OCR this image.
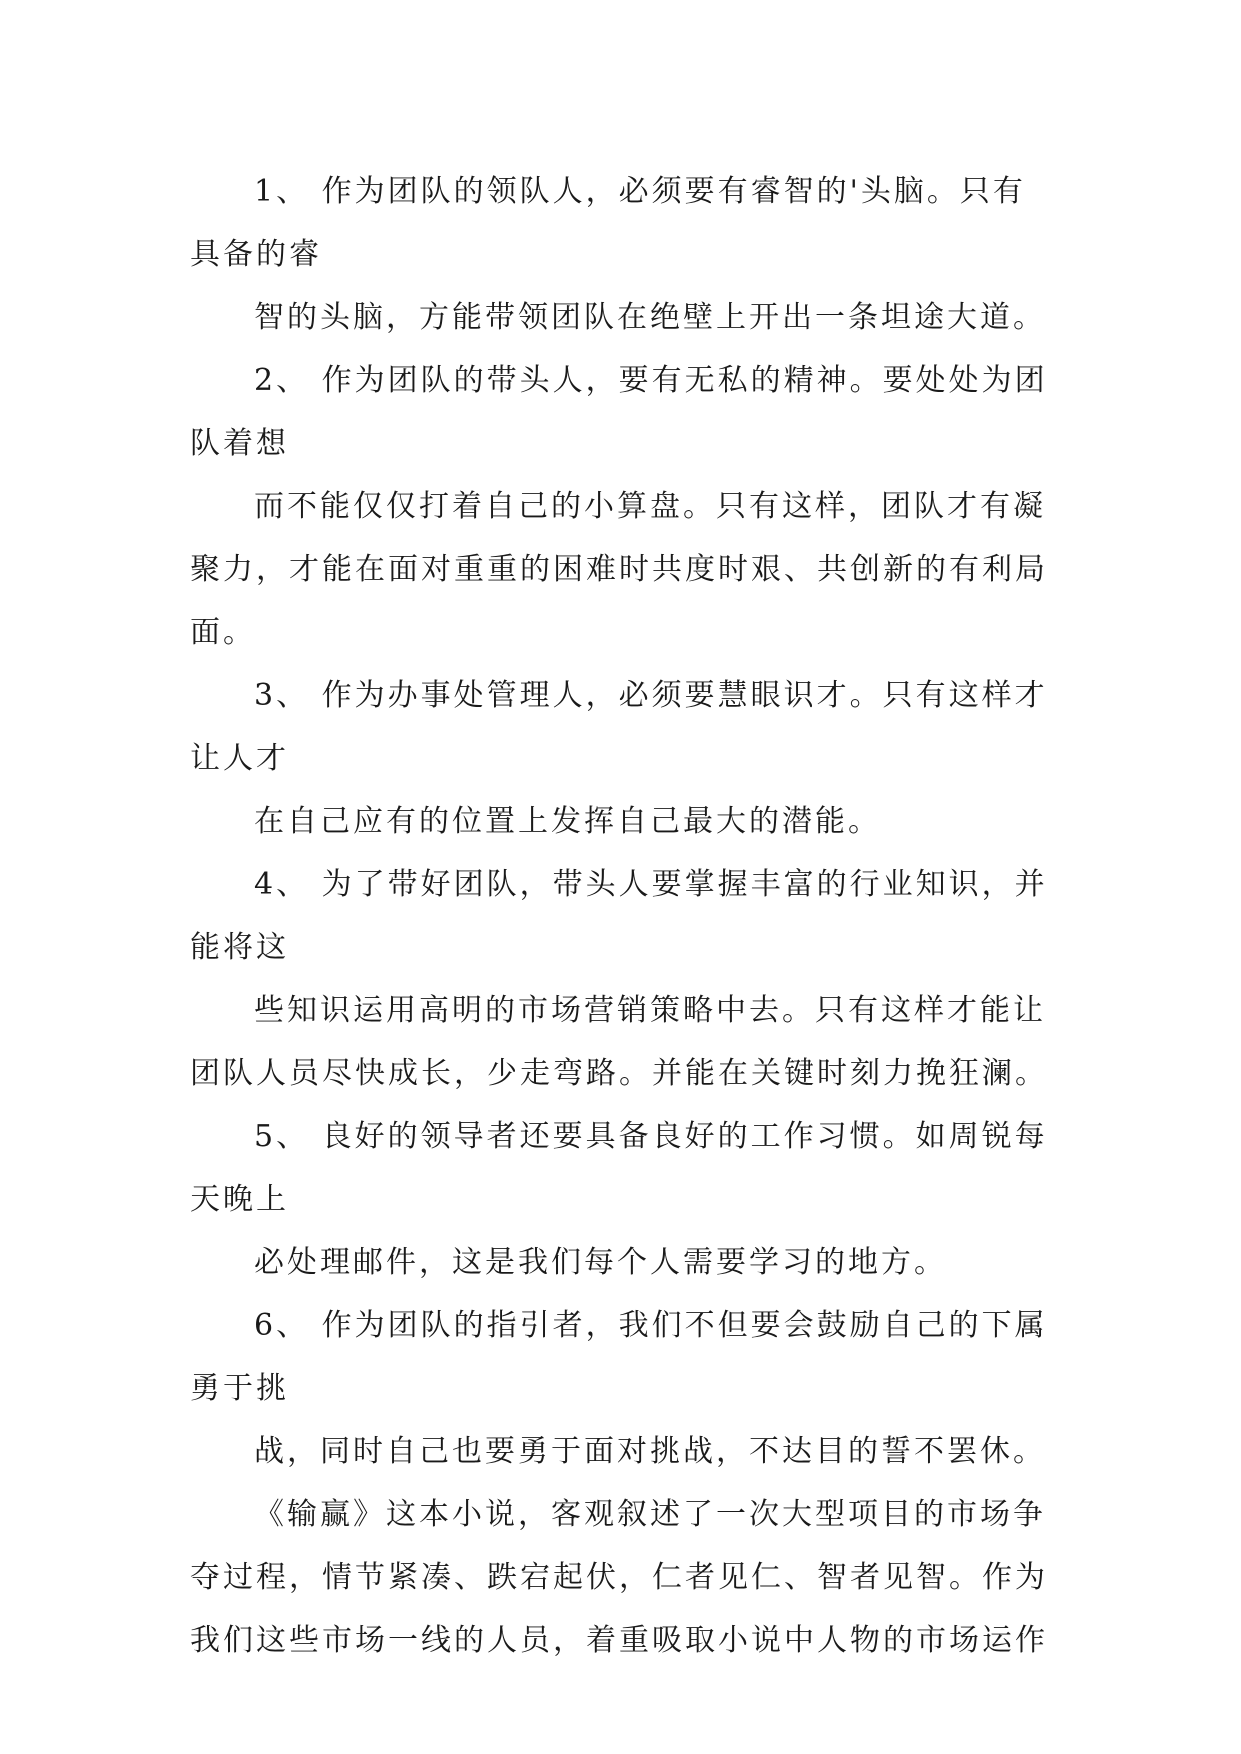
1、 作为团队的领队人，必须要有睿智的'头脑。只有
具备的睿
智的头脑，方能带领团队在绝壁上开出一条坦途大道。
2、 作为团队的带头人，要有无私的精神。要处处为团
队着想
而不能仅仅打着自己的小算盘。只有这样，团队才有凝
聚力，才能在面对重重的困难时共度时艰、共创新的有利局
面。
3、 作为办事处管理人，必须要慧眼识才。只有这样才
让人才
在自己应有的位置上发挥自己最大的潜能。
4、 为了带好团队，带头人要掌握丰富的行业知识，并
能将这
些知识运用高明的市场营销策略中去。只有这样才能让
团队人员尽快成长，少走弯路。并能在关键时刻力挽狂澜。
5、 良好的领导者还要具备良好的工作习惯。如周锐每
天晚上
必处理邮件，这是我们每个人需要学习的地方。
6、 作为团队的指引者，我们不但要会鼓励自己的下属
勇于挑
战，同时自己也要勇于面对挑战，不达目的誓不罢休。
《输赢》这本小说，客观叙述了一次大型项目的市场争
夺过程，情节紧凑、跌宕起伏，仁者见仁、智者见智。作为
我们这些市场一线的人员，着重吸取小说中人物的市场运作
